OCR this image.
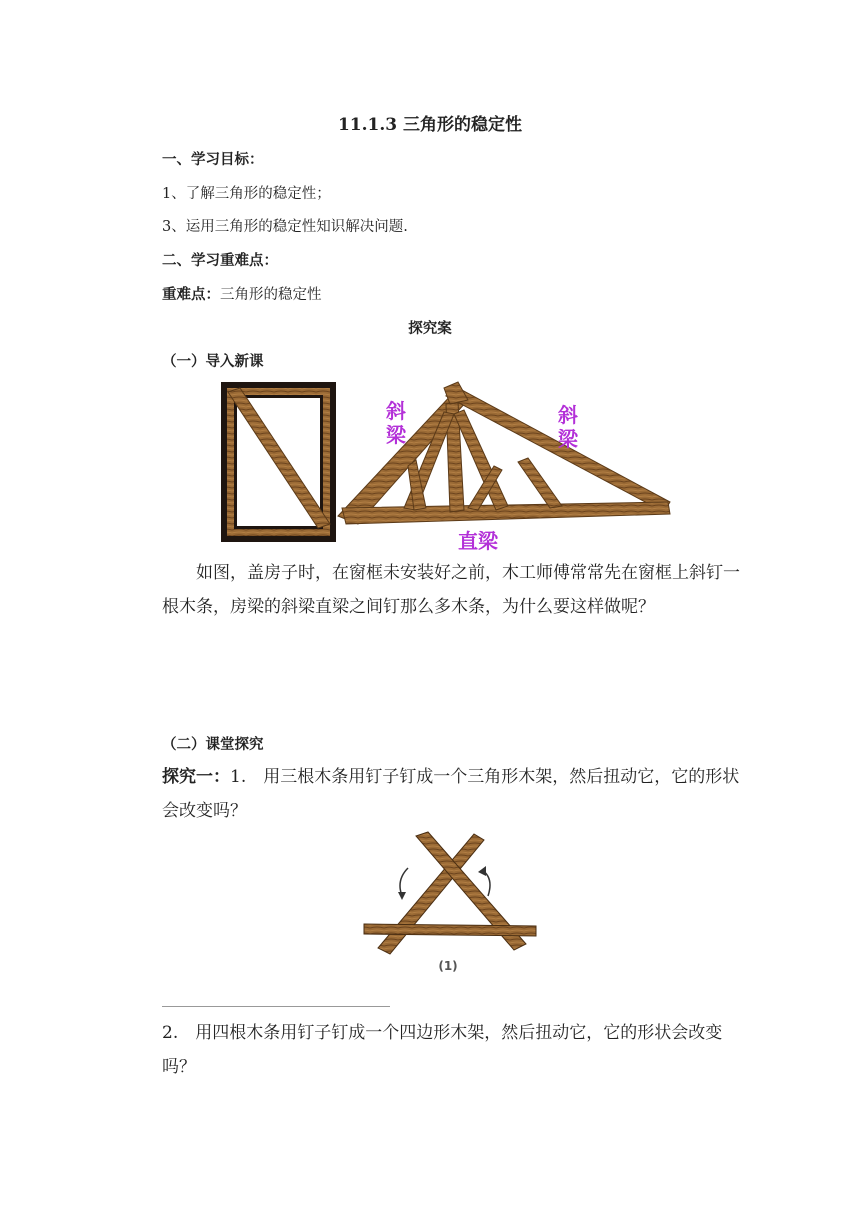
11.1.3 三角形的稳定性
一、学习目标：
1、了解三角形的稳定性；
3、运用三角形的稳定性知识解决问题.
二、学习重难点：
重难点：三角形的稳定性
探究案
（一）导入新课
斜
梁
斜
梁
直梁
如图，盖房子时，在窗框未安装好之前，木工师傅常常先在窗框上斜钉一根木条，房梁的斜梁直梁之间钉那么多木条，为什么要这样做呢？
（二）课堂探究
探究一：1.　用三根木条用钉子钉成一个三角形木架，然后扭动它，它的形状会改变吗？
(1)
2.　用四根木条用钉子钉成一个四边形木架，然后扭动它，它的形状会改变吗？
